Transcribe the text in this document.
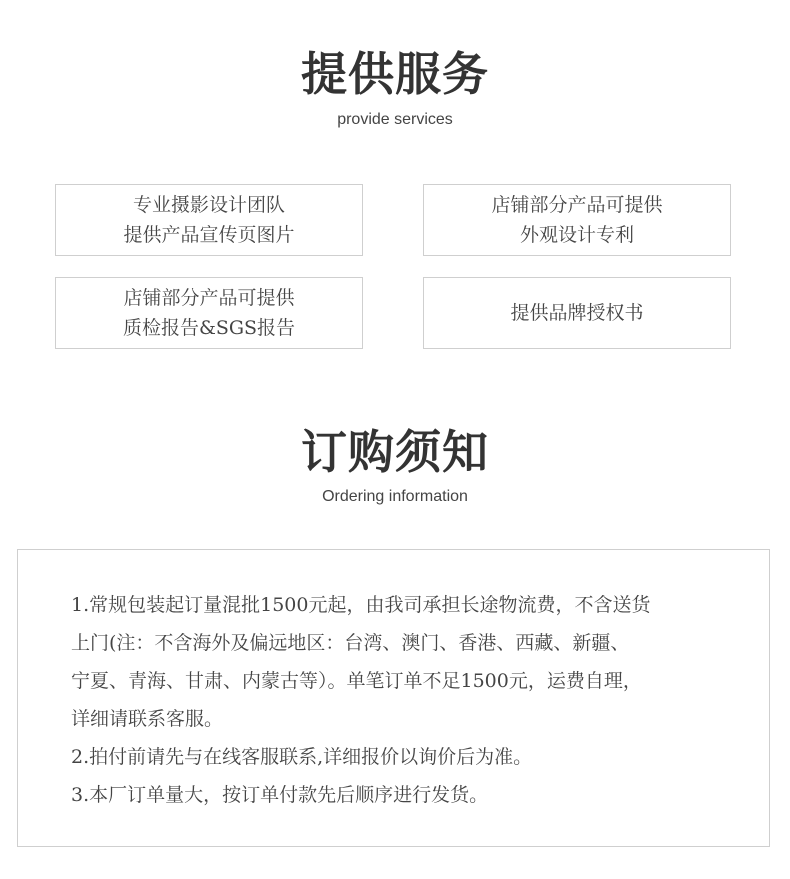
提供服务
provide services
专业摄影设计团队
提供产品宣传页图片
店铺部分产品可提供
外观设计专利
店铺部分产品可提供
质检报告&SGS报告
提供品牌授权书
订购须知
Ordering information
1.常规包装起订量混批1500元起，由我司承担长途物流费，不含送货
上门(注：不含海外及偏远地区：台湾、澳门、香港、西藏、新疆、
宁夏、青海、甘肃、内蒙古等）。单笔订单不足1500元，运费自理，
详细请联系客服。
2.拍付前请先与在线客服联系,详细报价以询价后为准。
3.本厂订单量大，按订单付款先后顺序进行发货。
